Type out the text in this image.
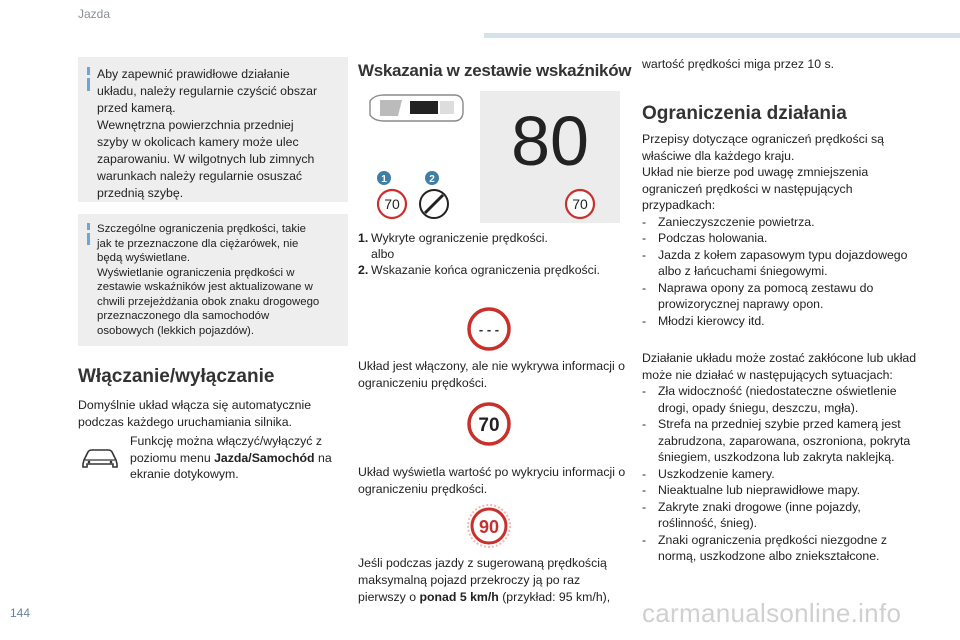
Jazda
Aby zapewnić prawidłowe działanie
układu, należy regularnie czyścić obszar
przed kamerą.
Wewnętrzna powierzchnia przedniej
szyby w okolicach kamery może ulec
zaparowaniu. W wilgotnych lub zimnych
warunkach należy regularnie osuszać
przednią szybę.
Szczególne ograniczenia prędkości, takie
jak te przeznaczone dla ciężarówek, nie
będą wyświetlane.
Wyświetlanie ograniczenia prędkości w
zestawie wskaźników jest aktualizowane w
chwili przejeżdżania obok znaku drogowego
przeznaczonego dla samochodów
osobowych (lekkich pojazdów).
Włączanie/wyłączanie
Domyślnie układ włącza się automatycznie
podczas każdego uruchamiania silnika.
Funkcję można włączyć/wyłączyć z poziomu menu Jazda/Samochód na ekranie dotykowym.
Wskazania w zestawie wskaźników
80
1	2
70	70
1. Wykryte ograniczenie prędkości.
albo
2. Wskazanie końca ograniczenia prędkości.
- - -
Układ jest włączony, ale nie wykrywa informacji o ograniczeniu prędkości.
70
Układ wyświetla wartość po wykryciu informacji o ograniczeniu prędkości.
90
Jeśli podczas jazdy z sugerowaną prędkością maksymalną pojazd przekroczy ją po raz pierwszy o ponad 5 km/h (przykład: 95 km/h),
wartość prędkości miga przez 10 s.
Ograniczenia działania
Przepisy dotyczące ograniczeń prędkości są właściwe dla każdego kraju.
Układ nie bierze pod uwagę zmniejszenia ograniczeń prędkości w następujących przypadkach:
- Zanieczyszczenie powietrza.
- Podczas holowania.
- Jazda z kołem zapasowym typu dojazdowego albo z łańcuchami śniegowymi.
- Naprawa opony za pomocą zestawu do prowizorycznej naprawy opon.
- Młodzi kierowcy itd.
Działanie układu może zostać zakłócone lub układ może nie działać w następujących sytuacjach:
- Zła widoczność (niedostateczne oświetlenie drogi, opady śniegu, deszczu, mgła).
- Strefa na przedniej szybie przed kamerą jest zabrudzona, zaparowana, oszroniona, pokryta śniegiem, uszkodzona lub zakryta naklejką.
- Uszkodzenie kamery.
- Nieaktualne lub nieprawidłowe mapy.
- Zakryte znaki drogowe (inne pojazdy, roślinność, śnieg).
- Znaki ograniczenia prędkości niezgodne z normą, uszkodzone albo zniekształcone.
144	carmanualsonline.info
